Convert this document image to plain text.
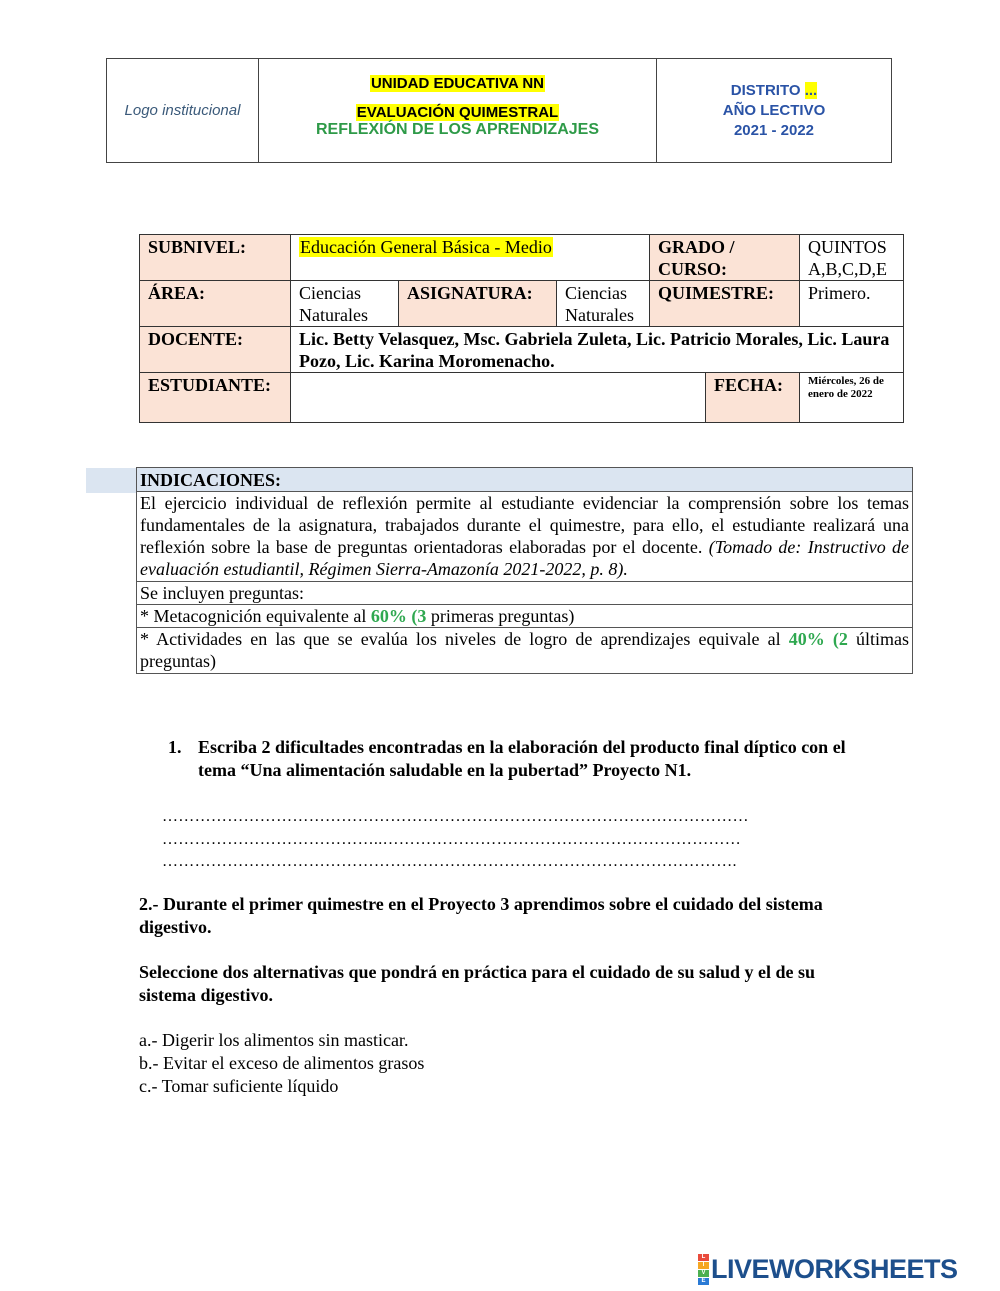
Logo institucional
UNIDAD EDUCATIVA NN
EVALUACIÓN QUIMESTRAL
REFLEXIÓN DE LOS APRENDIZAJES
DISTRITO ...
AÑO LECTIVO
2021 - 2022
SUBNIVEL:	Educación General Básica - Medio			GRADO / CURSO:		QUINTOS A,B,C,D,E
ÁREA:	Ciencias Naturales	ASIGNATURA:	Ciencias Naturales	QUIMESTRE:		Primero.
DOCENTE:	Lic. Betty Velasquez, Msc. Gabriela Zuleta, Lic. Patricio Morales, Lic. Laura Pozo, Lic. Karina Moromenacho.					
ESTUDIANTE:					FECHA:	Miércoles, 26 de enero de 2022
INDICACIONES:
El ejercicio individual de reflexión permite al estudiante evidenciar la comprensión sobre los temas fundamentales de la asignatura, trabajados durante el quimestre, para ello, el estudiante realizará una reflexión sobre la base de preguntas orientadoras elaboradas por el docente. (Tomado de: Instructivo de evaluación estudiantil, Régimen Sierra-Amazonía 2021-2022, p. 8).
Se incluyen preguntas:
* Metacognición equivalente al 60% (3 primeras preguntas)
* Actividades en las que se evalúa los niveles de logro de aprendizajes equivale al 40% (2 últimas preguntas)
1. Escriba 2 dificultades encontradas en la elaboración del producto final díptico con el tema “Una alimentación saludable en la pubertad” Proyecto N1.
………………………………………………………………………………………………
…………………………………..…………………………………………………………
…………………………………………………………………………………………….
2.- Durante el primer quimestre en el Proyecto 3 aprendimos sobre el cuidado del sistema digestivo.
Seleccione dos alternativas que pondrá en práctica para el cuidado de su salud y el de su sistema digestivo.
a.- Digerir los alimentos sin masticar.
b.- Evitar el exceso de alimentos grasos
c.- Tomar suficiente líquido
L
I
V
E LIVEWORKSHEETS
